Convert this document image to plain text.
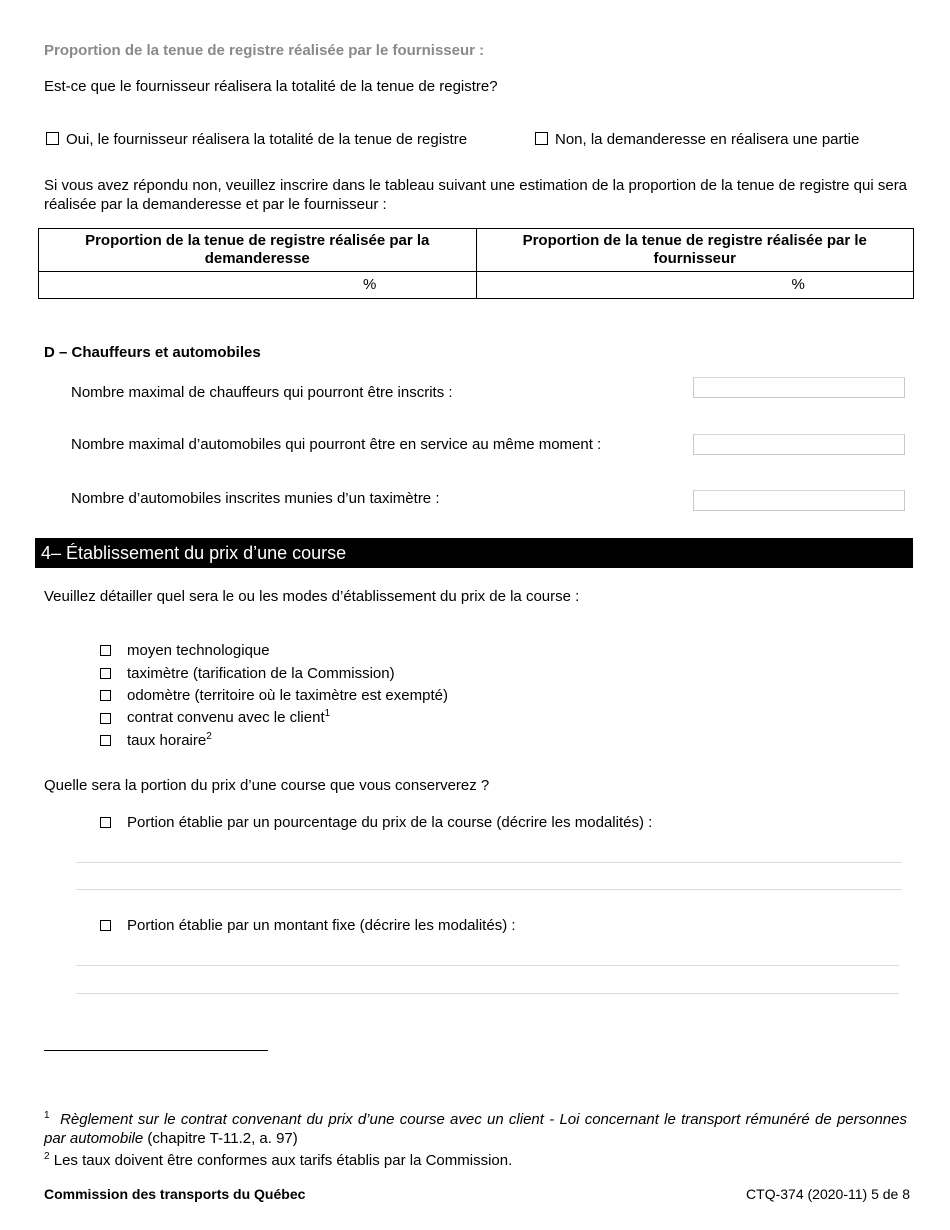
Proportion de la tenue de registre réalisée par le fournisseur :
Est-ce que le fournisseur réalisera la totalité de la tenue de registre?
Oui, le fournisseur réalisera la totalité de la tenue de registre	Non, la demanderesse en réalisera une partie
Si vous avez répondu non, veuillez inscrire dans le tableau suivant une estimation de la proportion de la tenue de registre qui sera réalisée par la demanderesse et par le fournisseur :
Proportion de la tenue de registre réalisée par la demanderesse	Proportion de la tenue de registre réalisée par le fournisseur

%	%
D – Chauffeurs et automobiles
Nombre maximal de chauffeurs qui pourront être inscrits :
Nombre maximal d’automobiles qui pourront être en service au même moment :
Nombre d’automobiles inscrites munies d’un taximètre :
4– Établissement du prix d’une course
Veuillez détailler quel sera le ou les modes d’établissement du prix de la course :
moyen technologique
taximètre (tarification de la Commission)
odomètre (territoire où le taximètre est exempté)
contrat convenu avec le client$^1$
taux horaire$^2$
Quelle sera la portion du prix d’une course que vous conserverez ?
Portion établie par un pourcentage du prix de la course (décrire les modalités) :
Portion établie par un montant fixe (décrire les modalités) :
$^1$ Règlement sur le contrat convenant du prix d’une course avec un client - Loi concernant le transport rémunéré de personnes par automobile (chapitre T-11.2, a. 97)
$^2$ Les taux doivent être conformes aux tarifs établis par la Commission.
Commission des transports du Québec	CTQ-374 (2020-11) 5 de 8
